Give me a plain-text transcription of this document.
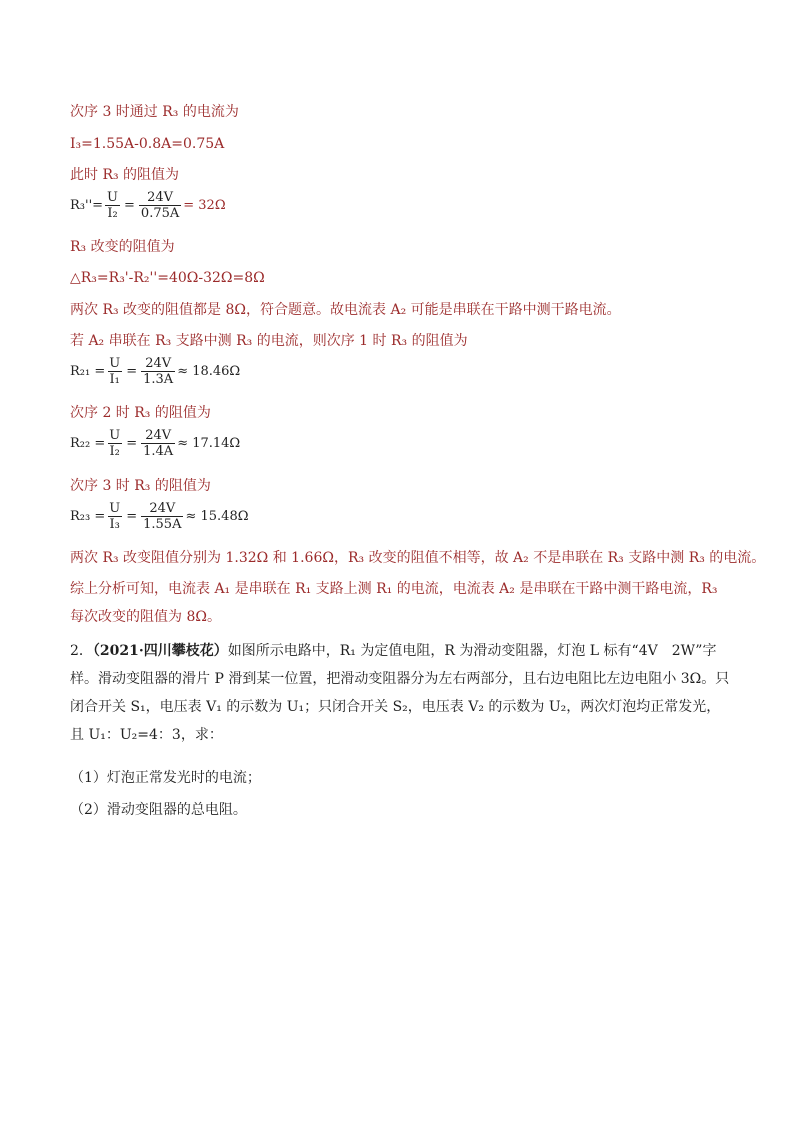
次序 3 时通过 R₃ 的电流为
I₃=1.55A-0.8A=0.75A
此时 R₃ 的阻值为
$R_3''= \frac{U}{\text{I₂}} = \frac{24V}{0.75A} = 32\Omega$
R₃ 改变的阻值为
△R₃=R₃'-R₂''=40Ω-32Ω=8Ω
两次 R₃ 改变的阻值都是 8Ω，符合题意。故电流表 A₂ 可能是串联在干路中测干路电流。
若 A₂ 串联在 R₃ 支路中测 R₃ 的电流，则次序 1 时 R₃ 的阻值为
$R_{21} = \frac{U}{\text{I₁}} = \frac{24V}{1.3A} \approx 18.46\Omega$
次序 2 时 R₃ 的阻值为
$R_{22} = \frac{U}{\text{I₂}} = \frac{24V}{1.4A} \approx 17.14\Omega$
次序 3 时 R₃ 的阻值为
$R_{23} = \frac{U}{\text{I₃}} = \frac{24V}{1.55A} \approx 15.48\Omega$
两次 R₃ 改变阻值分别为 1.32Ω 和 1.66Ω，R₃ 改变的阻值不相等，故 A₂ 不是串联在 R₃ 支路中测 R₃ 的电流。
综上分析可知，电流表 A₁ 是串联在 R₁ 支路上测 R₁ 的电流，电流表 A₂ 是串联在干路中测干路电流，R₃ 每次改变的阻值为 8Ω。
2．（2021·四川攀枝花）如图所示电路中，R₁ 为定值电阻，R 为滑动变阻器，灯泡 L 标有“4V　2W”字样。滑动变阻器的滑片 P 滑到某一位置，把滑动变阻器分为左右两部分，且右边电阻比左边电阻小 3Ω。只闭合开关 S₁，电压表 V₁ 的示数为 U₁；只闭合开关 S₂，电压表 V₂ 的示数为 U₂，两次灯泡均正常发光，且 U₁：U₂=4：3，求：
（1）灯泡正常发光时的电流；
（2）滑动变阻器的总电阻。
